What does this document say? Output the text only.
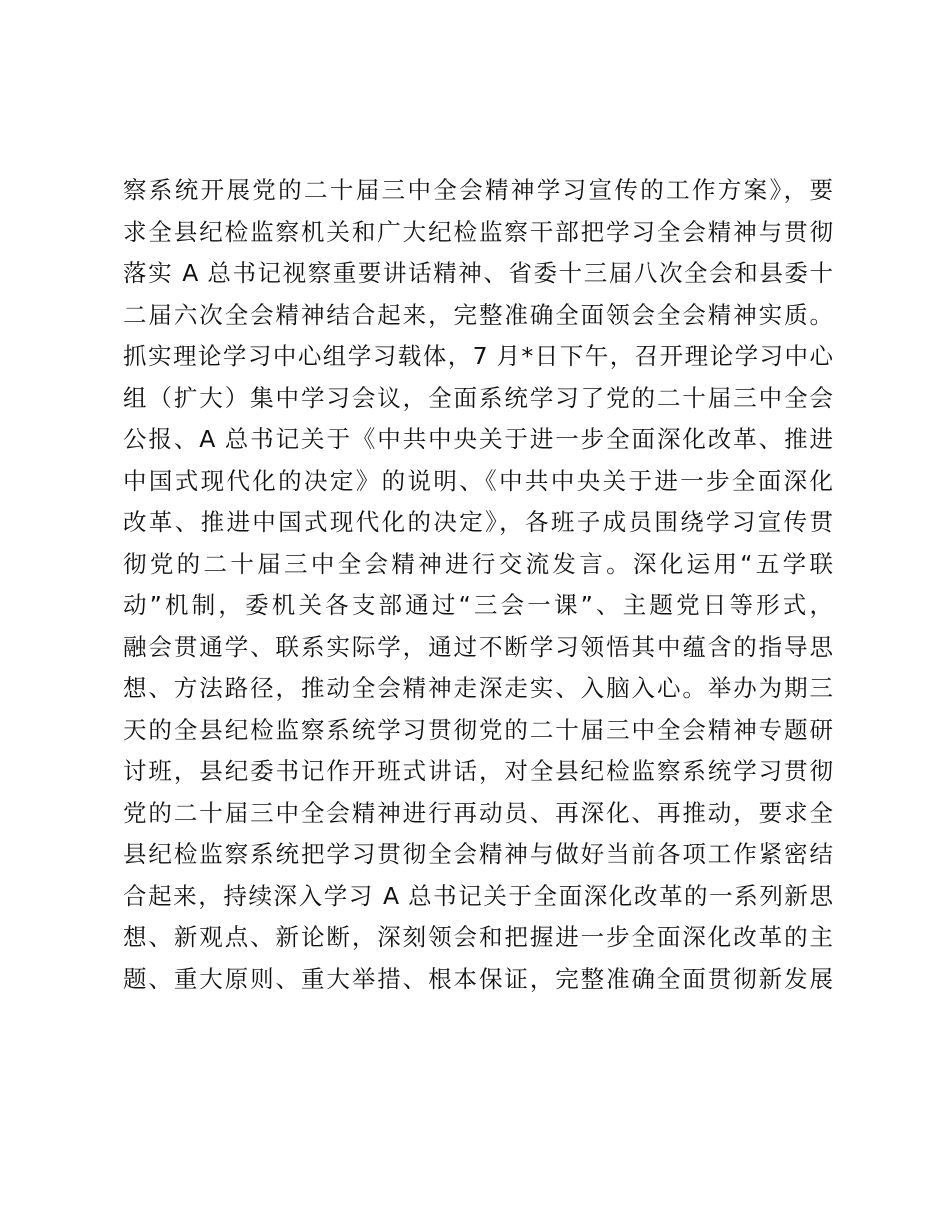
察系统开展党的二十届三中全会精神学习宣传的工作方案》，要
求全县纪检监察机关和广大纪检监察干部把学习全会精神与贯彻
落实 A 总书记视察重要讲话精神、省委十三届八次全会和县委十
二届六次全会精神结合起来，完整准确全面领会全会精神实质。
抓实理论学习中心组学习载体，7 月*日下午，召开理论学习中心
组（扩大）集中学习会议，全面系统学习了党的二十届三中全会
公报、A 总书记关于《中共中央关于进一步全面深化改革、推进
中国式现代化的决定》的说明、《中共中央关于进一步全面深化
改革、推进中国式现代化的决定》，各班子成员围绕学习宣传贯
彻党的二十届三中全会精神进行交流发言。深化运用“五学联
动”机制，委机关各支部通过“三会一课”、主题党日等形式，
融会贯通学、联系实际学，通过不断学习领悟其中蕴含的指导思
想、方法路径，推动全会精神走深走实、入脑入心。举办为期三
天的全县纪检监察系统学习贯彻党的二十届三中全会精神专题研
讨班，县纪委书记作开班式讲话，对全县纪检监察系统学习贯彻
党的二十届三中全会精神进行再动员、再深化、再推动，要求全
县纪检监察系统把学习贯彻全会精神与做好当前各项工作紧密结
合起来，持续深入学习 A 总书记关于全面深化改革的一系列新思
想、新观点、新论断，深刻领会和把握进一步全面深化改革的主
题、重大原则、重大举措、根本保证，完整准确全面贯彻新发展
